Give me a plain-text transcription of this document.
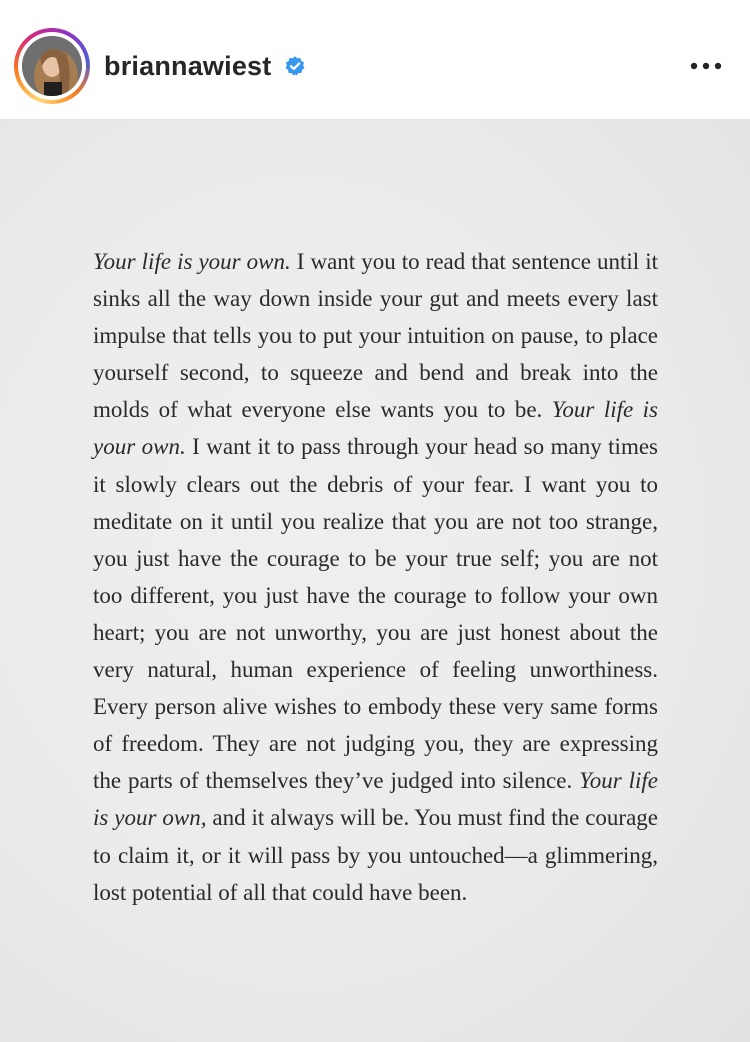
briannawiest
Your life is your own. I want you to read that sentence until it sinks all the way down inside your gut and meets every last impulse that tells you to put your intuition on pause, to place yourself second, to squeeze and bend and break into the molds of what everyone else wants you to be. Your life is your own. I want it to pass through your head so many times it slowly clears out the debris of your fear. I want you to meditate on it until you realize that you are not too strange, you just have the courage to be your true self; you are not too different, you just have the courage to follow your own heart; you are not unworthy, you are just honest about the very natural, human experience of feeling unworthiness. Every person alive wishes to embody these very same forms of freedom. They are not judging you, they are expressing the parts of themselves they’ve judged into silence. Your life is your own, and it always will be. You must find the courage to claim it, or it will pass by you untouched—a glimmering, lost potential of all that could have been.
